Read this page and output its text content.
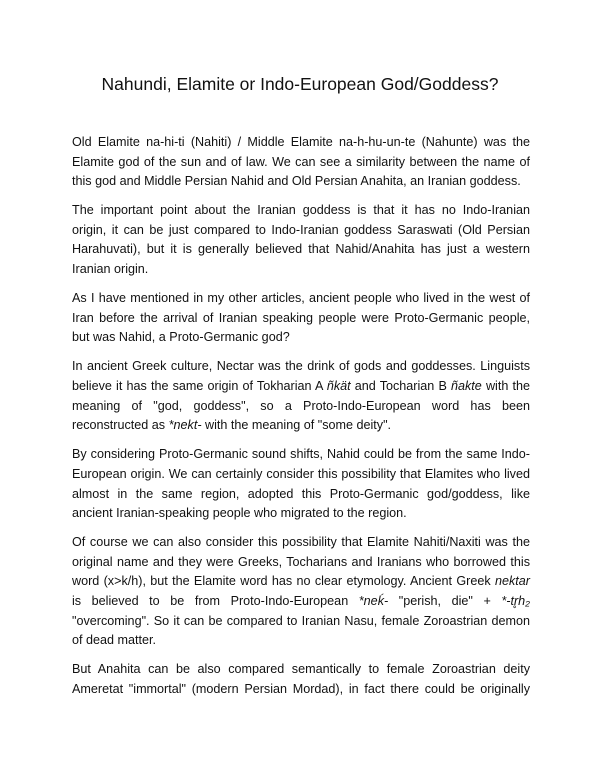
Nahundi, Elamite or Indo-European God/Goddess?

Old Elamite na-hi-ti (Nahiti) / Middle Elamite na-h-hu-un-te (Nahunte) was the
Elamite god of the sun and of law. We can see a similarity between the name of
this god and Middle Persian Nahid and Old Persian Anahita, an Iranian goddess.

The important point about the Iranian goddess is that it has no Indo-Iranian
origin, it can be just compared to Indo-Iranian goddess Saraswati (Old Persian
Harahuvati), but it is generally believed that Nahid/Anahita has just a western
Iranian origin.

As I have mentioned in my other articles, ancient people who lived in the west of
Iran before the arrival of Iranian speaking people were Proto-Germanic people,
but was Nahid, a Proto-Germanic god?

In ancient Greek culture, Nectar was the drink of gods and goddesses. Linguists
believe it has the same origin of Tokharian A ñkät and Tocharian B ñakte with the
meaning of "god, goddess", so a Proto-Indo-European word has been
reconstructed as *nekt- with the meaning of "some deity".

By considering Proto-Germanic sound shifts, Nahid could be from the same Indo-
European origin. We can certainly consider this possibility that Elamites who lived
almost in the same region, adopted this Proto-Germanic god/goddess, like
ancient Iranian-speaking people who migrated to the region.

Of course we can also consider this possibility that Elamite Nahiti/Naxiti was the
original name and they were Greeks, Tocharians and Iranians who borrowed this
word (x>k/h), but the Elamite word has no clear etymology. Ancient Greek nektar
is believed to be from Proto-Indo-European *neḱ- "perish, die" + *-tr̥h₂
"overcoming". So it can be compared to Iranian Nasu, female Zoroastrian demon
of dead matter.

But Anahita can be also compared semantically to female Zoroastrian deity
Ameretat "immortal" (modern Persian Mordad), in fact there could be originally
